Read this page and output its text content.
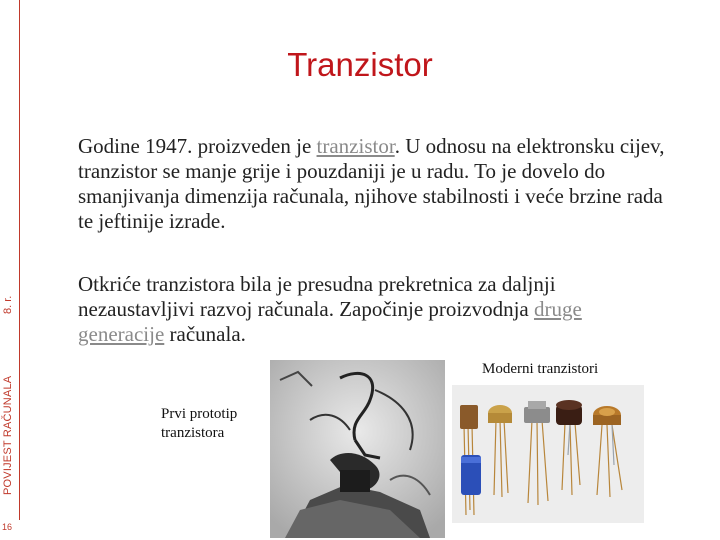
8. r.
POVIJEST RAČUNALA
16
Tranzistor
Godine 1947. proizveden je tranzistor. U odnosu na elektronsku cijev, tranzistor se manje grije i pouzdaniji je u radu. To je dovelo do smanjivanja dimenzija računala, njihove stabilnosti i veće brzine rada te jeftinije izrade.
Otkriće tranzistora bila je presudna prekretnica za daljnji nezaustavljivi razvoj računala. Započinje proizvodnja druge generacije računala.
Prvi prototip tranzistora
Moderni tranzistori
